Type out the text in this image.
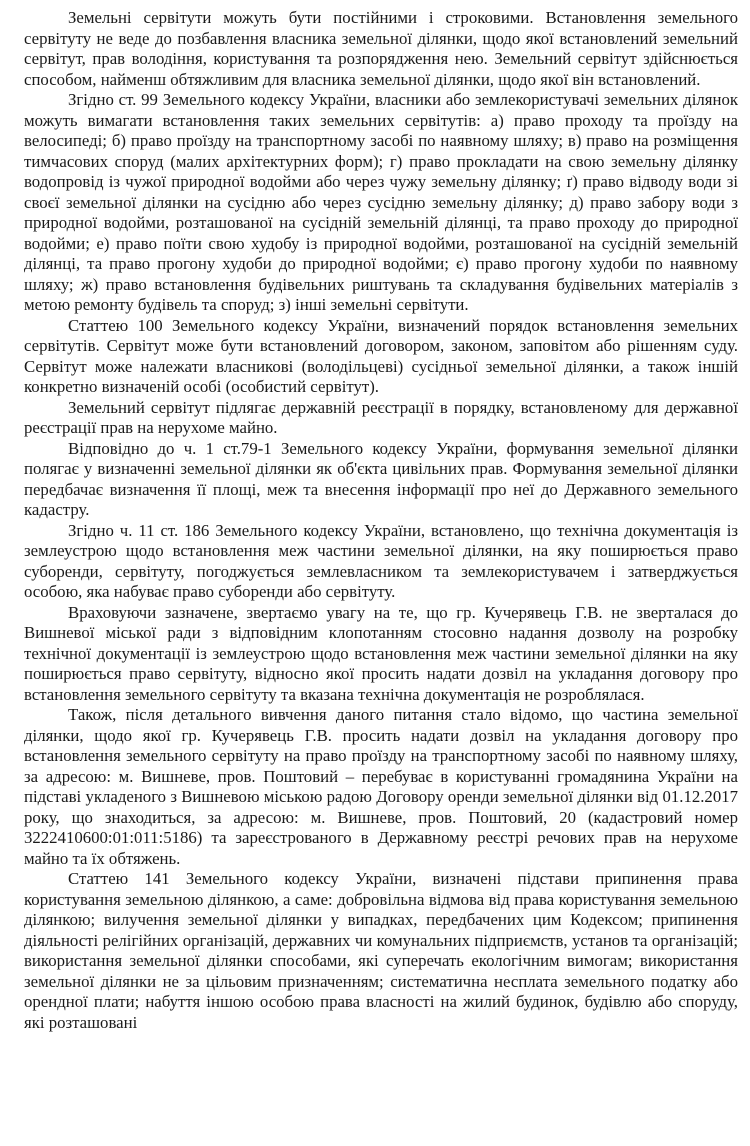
Земельні сервітути можуть бути постійними і строковими. Встановлення земельного сервітуту не веде до позбавлення власника земельної ділянки, щодо якої встановлений земельний сервітут, прав володіння, користування та розпорядження нею. Земельний сервітут здійснюється способом, найменш обтяжливим для власника земельної ділянки, щодо якої він встановлений.

Згідно ст. 99 Земельного кодексу України, власники або землекористувачі земельних ділянок можуть вимагати встановлення таких земельних сервітутів: а) право проходу та проїзду на велосипеді; б) право проїзду на транспортному засобі по наявному шляху; в) право на розміщення тимчасових споруд (малих архітектурних форм); г) право прокладати на свою земельну ділянку водопровід із чужої природної водойми або через чужу земельну ділянку; ґ) право відводу води зі своєї земельної ділянки на сусідню або через сусідню земельну ділянку; д) право забору води з природної водойми, розташованої на сусідній земельній ділянці, та право проходу до природної водойми; е) право поїти свою худобу із природної водойми, розташованої на сусідній земельній ділянці, та право прогону худоби до природної водойми; є) право прогону худоби по наявному шляху; ж) право встановлення будівельних риштувань та складування будівельних матеріалів з метою ремонту будівель та споруд; з) інші земельні сервітути.

Статтею 100 Земельного кодексу України, визначений порядок встановлення земельних сервітутів. Сервітут може бути встановлений договором, законом, заповітом або рішенням суду. Сервітут може належати власникові (володільцеві) сусідньої земельної ділянки, а також іншій конкретно визначеній особі (особистий сервітут).

Земельний сервітут підлягає державній реєстрації в порядку, встановленому для державної реєстрації прав на нерухоме майно.

Відповідно до ч. 1 ст.79-1 Земельного кодексу України, формування земельної ділянки полягає у визначенні земельної ділянки як об'єкта цивільних прав. Формування земельної ділянки передбачає визначення її площі, меж та внесення інформації про неї до Державного земельного кадастру.

Згідно ч. 11 ст. 186 Земельного кодексу України, встановлено, що технічна документація із землеустрою щодо встановлення меж частини земельної ділянки, на яку поширюється право суборенди, сервітуту, погоджується землевласником та землекористувачем і затверджується особою, яка набуває право суборенди або сервітуту.

Враховуючи зазначене, звертаємо увагу на те, що гр. Кучерявець Г.В. не зверталася до Вишневої міської ради з відповідним клопотанням стосовно надання дозволу на розробку технічної документації із землеустрою щодо встановлення меж частини земельної ділянки на яку поширюється право сервітуту, відносно якої просить надати дозвіл на укладання договору про встановлення земельного сервітуту та вказана технічна документація не розроблялася.

Також, після детального вивчення даного питання стало відомо, що частина земельної ділянки, щодо якої гр. Кучерявець Г.В. просить надати дозвіл на укладання договору про встановлення земельного сервітуту на право проїзду на транспортному засобі по наявному шляху, за адресою: м. Вишневе, пров. Поштовий – перебуває в користуванні громадянина України на підставі укладеного з Вишневою міською радою Договору оренди земельної ділянки від 01.12.2017 року, що знаходиться, за адресою: м. Вишневе, пров. Поштовий, 20 (кадастровий номер 3222410600:01:011:5186) та зареєстрованого в Державному реєстрі речових прав на нерухоме майно та їх обтяжень.

Статтею 141 Земельного кодексу України, визначені підстави припинення права користування земельною ділянкою, а саме: добровільна відмова від права користування земельною ділянкою; вилучення земельної ділянки у випадках, передбачених цим Кодексом; припинення діяльності релігійних організацій, державних чи комунальних підприємств, установ та організацій; використання земельної ділянки способами, які суперечать екологічним вимогам; використання земельної ділянки не за цільовим призначенням; систематична несплата земельного податку або орендної плати; набуття іншою особою права власності на жилий будинок, будівлю або споруду, які розташовані
